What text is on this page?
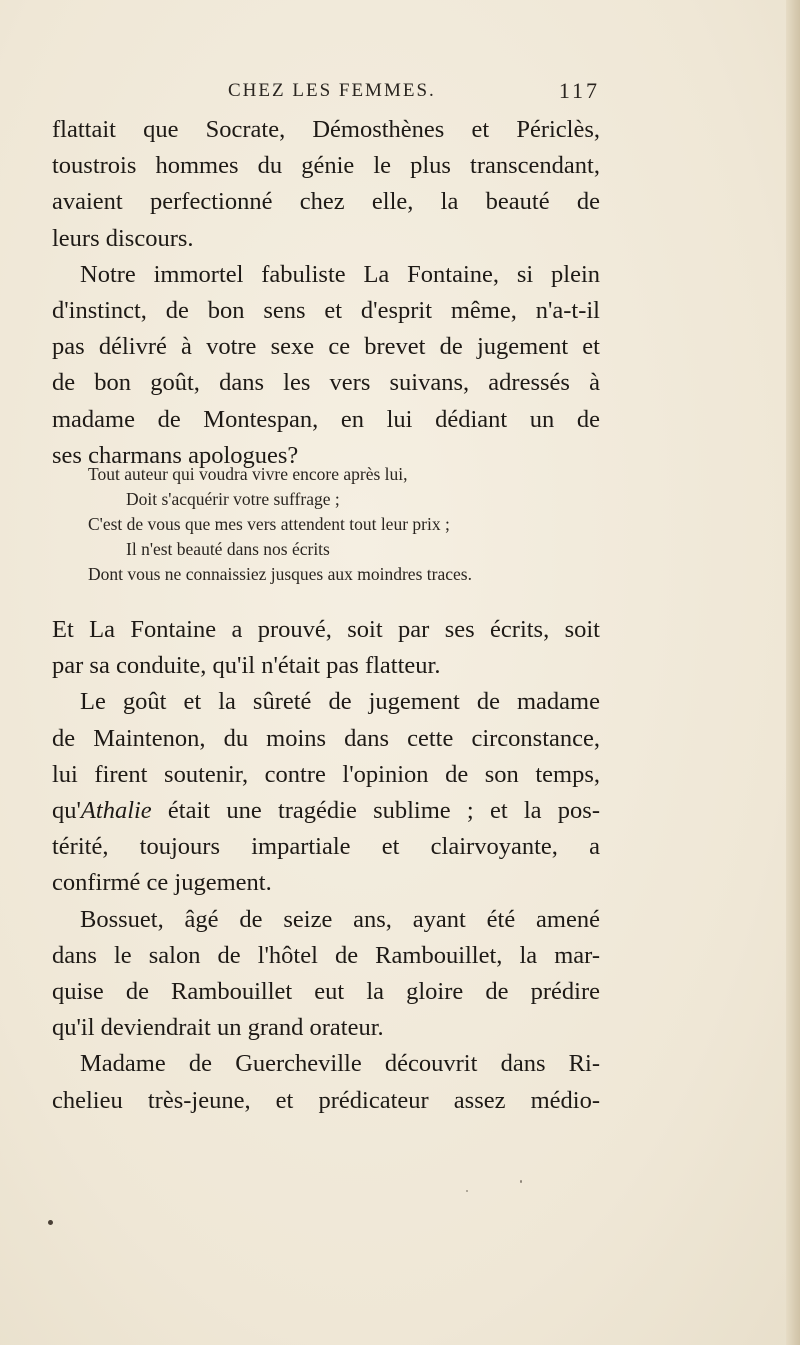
CHEZ LES FEMMES.	117

flattait que Socrate, Démosthènes et Périclès,

toustrois hommes du génie le plus transcendant,

avaient perfectionné chez elle, la beauté de

leurs discours.

Notre immortel fabuliste La Fontaine, si plein

d'instinct, de bon sens et d'esprit même, n'a-t-il

pas délivré à votre sexe ce brevet de jugement et

de bon goût, dans les vers suivans, adressés à

madame de Montespan, en lui dédiant un de

ses charmans apologues?

Tout auteur qui voudra vivre encore après lui,
Doit s'acquérir votre suffrage ;
C'est de vous que mes vers attendent tout leur prix ;
Il n'est beauté dans nos écrits
Dont vous ne connaissiez jusques aux moindres traces.

Et La Fontaine a prouvé, soit par ses écrits, soit

par sa conduite, qu'il n'était pas flatteur.

Le goût et la sûreté de jugement de madame

de Maintenon, du moins dans cette circonstance,

lui firent soutenir, contre l'opinion de son temps,

qu'Athalie était une tragédie sublime ; et la pos-

térité, toujours impartiale et clairvoyante, a

confirmé ce jugement.

Bossuet, âgé de seize ans, ayant été amené

dans le salon de l'hôtel de Rambouillet, la mar-

quise de Rambouillet eut la gloire de prédire

qu'il deviendrait un grand orateur.

Madame de Guercheville découvrit dans Ri-

chelieu très-jeune, et prédicateur assez médio-
